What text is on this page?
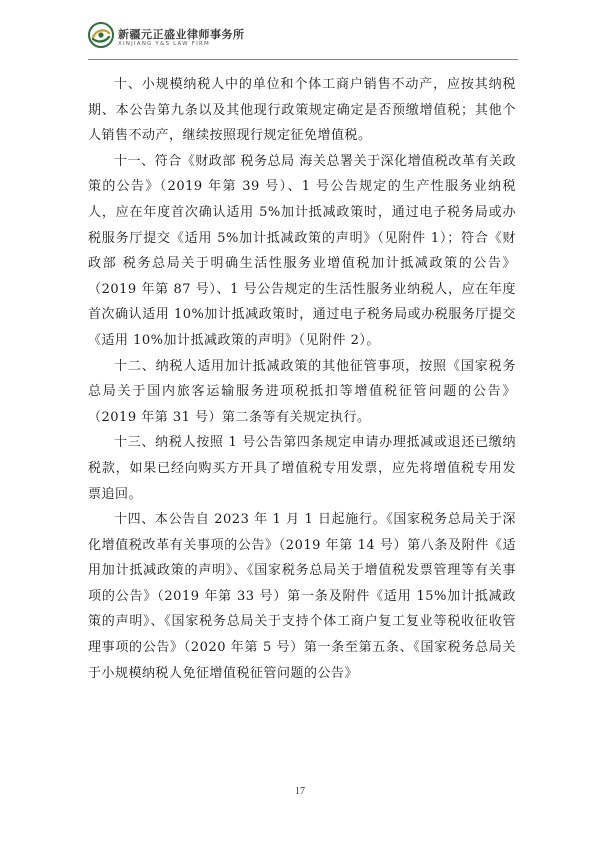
新疆元正盛业律师事务所
XINJIANG Y&S LAW FIRM

十、小规模纳税人中的单位和个体工商户销售不动产，应按其纳税期、本公告第九条以及其他现行政策规定确定是否预缴增值税；其他个人销售不动产，继续按照现行规定征免增值税。

十一、符合《财政部 税务总局 海关总署关于深化增值税改革有关政策的公告》（2019 年第 39 号）、1 号公告规定的生产性服务业纳税人，应在年度首次确认适用 5%加计抵减政策时，通过电子税务局或办税服务厅提交《适用 5%加计抵减政策的声明》（见附件 1）；符合《财政部 税务总局关于明确生活性服务业增值税加计抵减政策的公告》（2019 年第 87 号）、1 号公告规定的生活性服务业纳税人，应在年度首次确认适用 10%加计抵减政策时，通过电子税务局或办税服务厅提交《适用 10%加计抵减政策的声明》（见附件 2）。

十二、纳税人适用加计抵减政策的其他征管事项，按照《国家税务总局关于国内旅客运输服务进项税抵扣等增值税征管问题的公告》（2019 年第 31 号）第二条等有关规定执行。

十三、纳税人按照 1 号公告第四条规定申请办理抵减或退还已缴纳税款，如果已经向购买方开具了增值税专用发票，应先将增值税专用发票追回。

十四、本公告自 2023 年 1 月 1 日起施行。《国家税务总局关于深化增值税改革有关事项的公告》（2019 年第 14 号）第八条及附件《适用加计抵减政策的声明》、《国家税务总局关于增值税发票管理等有关事项的公告》（2019 年第 33 号）第一条及附件《适用 15%加计抵减政策的声明》、《国家税务总局关于支持个体工商户复工复业等税收征收管理事项的公告》（2020 年第 5 号）第一条至第五条、《国家税务总局关于小规模纳税人免征增值税征管问题的公告》

17
